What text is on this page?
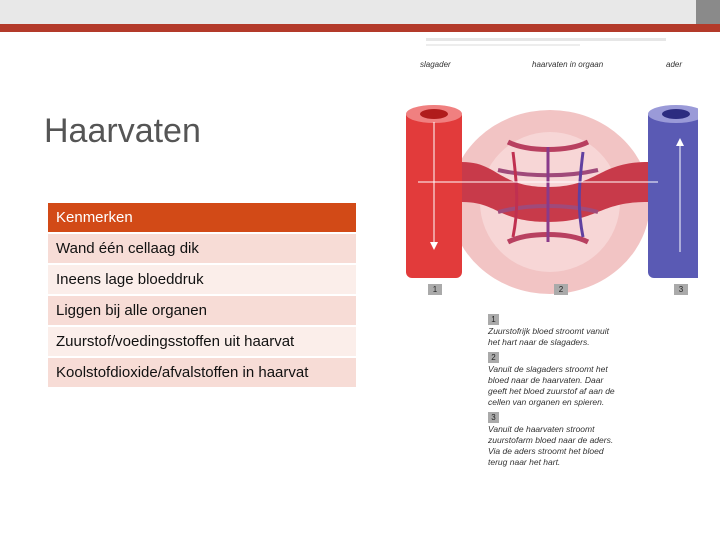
Haarvaten
Kenmerken
Wand één cellaag dik
Ineens lage bloeddruk
Liggen bij alle organen
Zuurstof/voedingsstoffen uit haarvat
Koolstofdioxide/afvalstoffen in haarvat
slagader	haarvaten in orgaan	ader
1	2	3
1
Zuurstofrijk bloed stroomt vanuit het hart naar de slagaders.
2
Vanuit de slagaders stroomt het bloed naar de haarvaten. Daar geeft het bloed zuurstof af aan de cellen van organen en spieren.
3
Vanuit de haarvaten stroomt zuurstofarm bloed naar de aders. Via de aders stroomt het bloed terug naar het hart.
